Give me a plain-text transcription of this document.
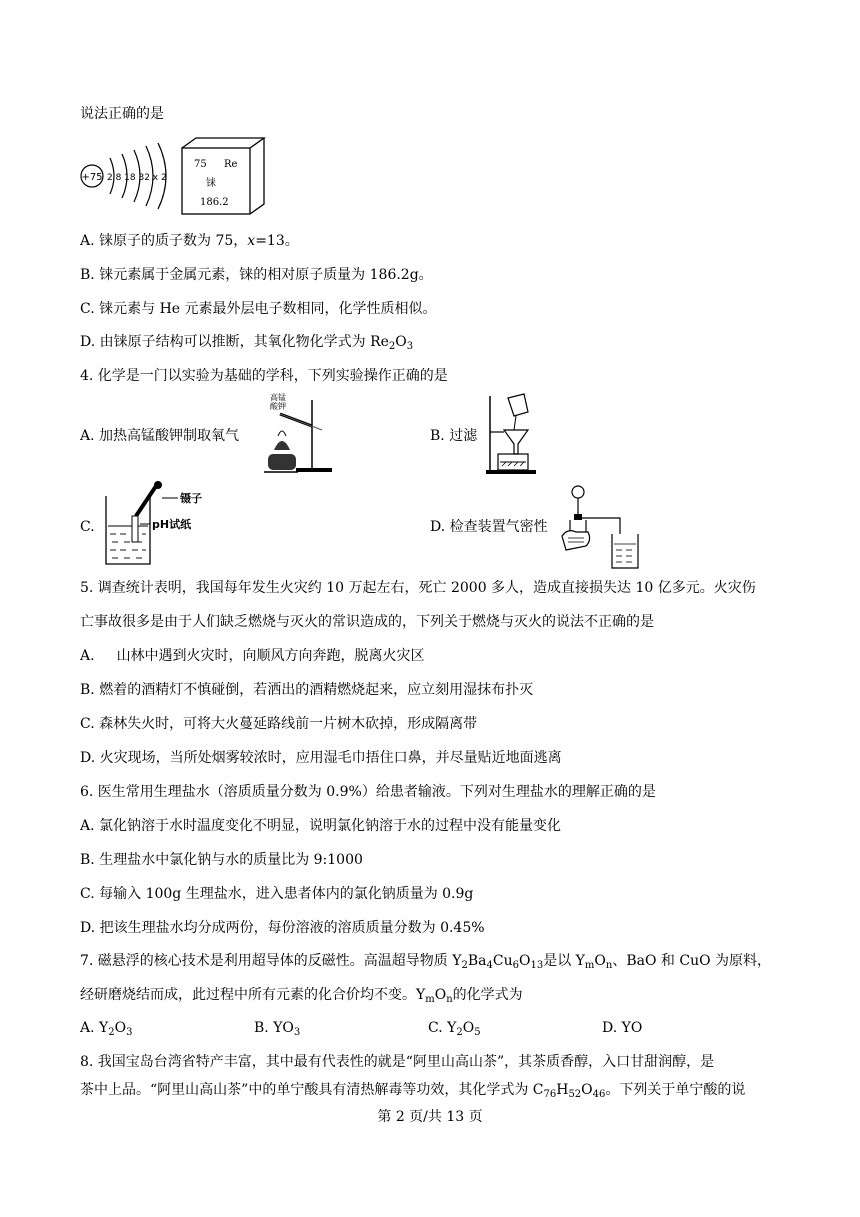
说法正确的是
+75 2 8 18 32 x 2
75 Re
铼
186.2
A. 铼原子的质子数为 75，x=13。
B. 铼元素属于金属元素，铼的相对原子质量为 186.2g。
C. 铼元素与 He 元素最外层电子数相同，化学性质相似。
D. 由铼原子结构可以推断，其氧化物化学式为 $Re_2O_3$
4. 化学是一门以实验为基础的学科，下列实验操作正确的是
A. 加热高锰酸钾制取氧气
高锰
酸钾
B. 过滤
C.
镊子
pH试纸	D. 检查装置气密性
5. 调查统计表明，我国每年发生火灾约 10 万起左右，死亡 2000 多人，造成直接损失达 10 亿多元。火灾伤
亡事故很多是由于人们缺乏燃烧与灭火的常识造成的，下列关于燃烧与灭火的说法不正确的是
A. 山林中遇到火灾时，向顺风方向奔跑，脱离火灾区
B. 燃着的酒精灯不慎碰倒，若洒出的酒精燃烧起来，应立刻用湿抹布扑灭
C. 森林失火时，可将大火蔓延路线前一片树木砍掉，形成隔离带
D. 火灾现场，当所处烟雾较浓时，应用湿毛巾捂住口鼻，并尽量贴近地面逃离
6. 医生常用生理盐水（溶质质量分数为 0.9%）给患者输液。下列对生理盐水的理解正确的是
A. 氯化钠溶于水时温度变化不明显，说明氯化钠溶于水的过程中没有能量变化
B. 生理盐水中氯化钠与水的质量比为 9:1000
C. 每输入 100g 生理盐水，进入患者体内的氯化钠质量为 0.9g
D. 把该生理盐水均分成两份，每份溶液的溶质质量分数为 0.45%
7. 磁悬浮的核心技术是利用超导体的反磁性。高温超导物质 $Y_2Ba_4Cu_6O_{13}$是以 $Y_mO_n$、BaO 和 CuO 为原料，
经研磨烧结而成，此过程中所有元素的化合价均不变。$Y_mO_n$的化学式为
A. $Y_2O_3$	B. $YO_3$	C. $Y_2O_5$	D. YO
8. 我国宝岛台湾省特产丰富，其中最有代表性的就是“阿里山高山茶”，其茶质香醇，入口甘甜润醇，是
茶中上品。“阿里山高山茶”中的单宁酸具有清热解毒等功效，其化学式为 $C_{76}H_{52}O_{46}$。下列关于单宁酸的说
第 2 页/共 13 页
